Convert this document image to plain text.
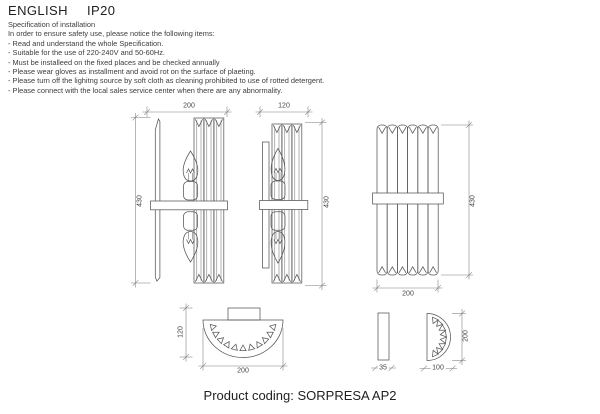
ENGLISH IP20
Specification of installation
In order to ensure safety use, please notice the following items:
- Read and understand the whole Specification.
- Suitable for the use of 220-240V and 50-60Hz.
- Must be installeed on the fixed places and be checked annually
- Please wear gloves as installment and avoid rot on the surface of plaeting.
- Please turn off the lighitng source by soft cloth as cleaning prohibited to use of rotted detergent.
- Please connect with the local sales service center when there are any abnormality.
200
430
120
430	430
200
120
200	35	100
200
Product coding: SORPRESA AP2
